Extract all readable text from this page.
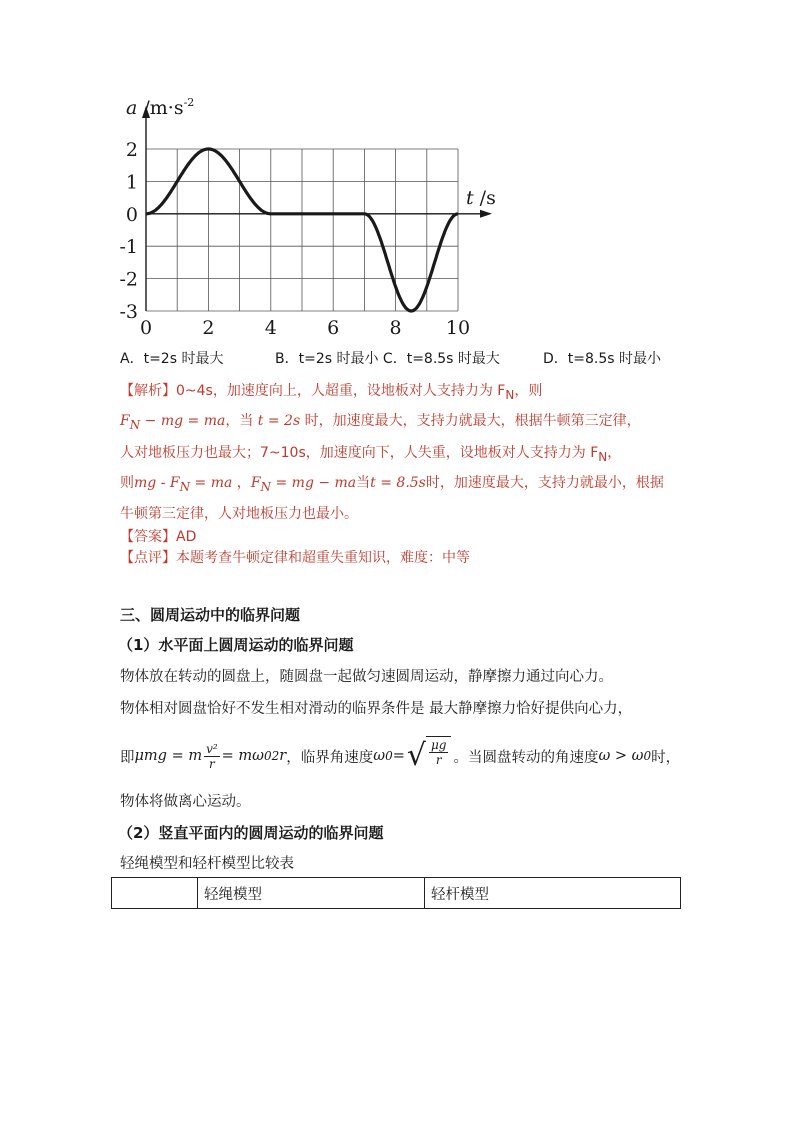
2
1
0
-1
-2
-3
0	2	4	6	8 10
a $/m\cdot s^{-2}$
t /s
A．t=2s 时最大	B．t=2s 时最小 C．t=8.5s 时最大	D．t=8.5s 时最小
【解析】0~4s，加速度向上，人超重，设地板对人支持力为 $F_N$，则
$F_N$ − mg = ma，当 t = 2s 时，加速度最大，支持力就最大，根据牛顿第三定律，
人对地板压力也最大；7~10s，加速度向下，人失重，设地板对人支持力为 $F_N$，
则mg - $F_N$ = ma ，$F_N$ = mg − ma当t = 8.5s时，加速度最大，支持力就最小，根据
牛顿第三定律，人对地板压力也最小。
【答案】AD
【点评】本题考查牛顿定律和超重失重知识，难度：中等
三、圆周运动中的临界问题
（1）水平面上圆周运动的临界问题
物体放在转动的圆盘上，随圆盘一起做匀速圆周运动，静摩擦力通过向心力。
物体相对圆盘恰好不发生相对滑动的临界条件是 最大静摩擦力恰好提供向心力，
即 μmg = m $\frac{\text{v²}}{r} = m\omega$ 0 2 r ，临界角速度 ω 0 = √ μg
r 。当圆盘转动的角速度 ω > ω 0 时，
物体将做离心运动。
（2）竖直平面内的圆周运动的临界问题
轻绳模型和轻杆模型比较表
	轻绳模型	轻杆模型
